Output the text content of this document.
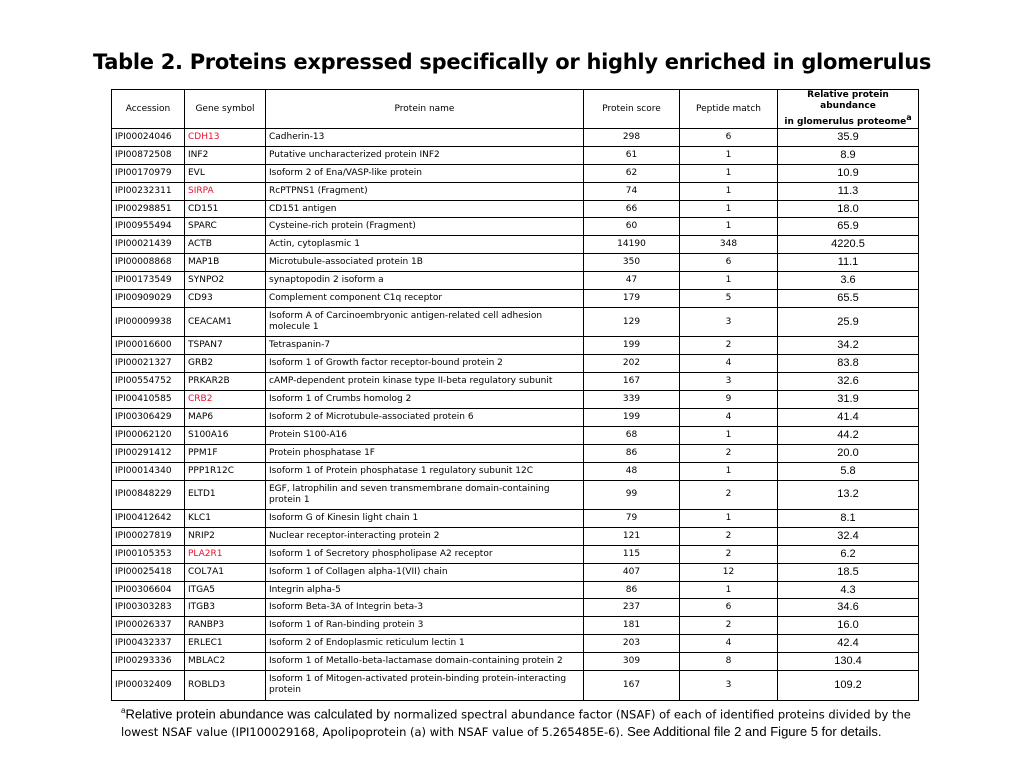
Table 2. Proteins expressed specifically or highly enriched in glomerulus
Accession	Gene symbol	Protein name	Protein score	Peptide match	Relative protein abundance
in glomerulus proteome$^a$
IPI00024046	CDH13	Cadherin-13	298	6	35.9
IPI00872508	INF2	Putative uncharacterized protein INF2	61	1	8.9
IPI00170979	EVL	Isoform 2 of Ena/VASP-like protein	62	1	10.9
IPI00232311	SIRPA	RcPTPNS1 (Fragment)	74	1	11.3
IPI00298851	CD151	CD151 antigen	66	1	18.0
IPI00955494	SPARC	Cysteine-rich protein (Fragment)	60	1	65.9
IPI00021439	ACTB	Actin, cytoplasmic 1	14190	348	4220.5
IPI00008868	MAP1B	Microtubule-associated protein 1B	350	6	11.1
IPI00173549	SYNPO2	synaptopodin 2 isoform a	47	1	3.6
IPI00909029	CD93	Complement component C1q receptor	179	5	65.5
IPI00009938	CEACAM1	Isoform A of Carcinoembryonic antigen-related cell adhesion molecule 1	129	3	25.9
IPI00016600	TSPAN7	Tetraspanin-7	199	2	34.2
IPI00021327	GRB2	Isoform 1 of Growth factor receptor-bound protein 2	202	4	83.8
IPI00554752	PRKAR2B	cAMP-dependent protein kinase type II-beta regulatory subunit	167	3	32.6
IPI00410585	CRB2	Isoform 1 of Crumbs homolog 2	339	9	31.9
IPI00306429	MAP6	Isoform 2 of Microtubule-associated protein 6	199	4	41.4
IPI00062120	S100A16	Protein S100-A16	68	1	44.2
IPI00291412	PPM1F	Protein phosphatase 1F	86	2	20.0
IPI00014340	PPP1R12C	Isoform 1 of Protein phosphatase 1 regulatory subunit 12C	48	1	5.8
IPI00848229	ELTD1	EGF, latrophilin and seven transmembrane domain-containing protein 1	99	2	13.2
IPI00412642	KLC1	Isoform G of Kinesin light chain 1	79	1	8.1
IPI00027819	NRIP2	Nuclear receptor-interacting protein 2	121	2	32.4
IPI00105353	PLA2R1	Isoform 1 of Secretory phospholipase A2 receptor	115	2	6.2
IPI00025418	COL7A1	Isoform 1 of Collagen alpha-1(VII) chain	407	12	18.5
IPI00306604	ITGA5	Integrin alpha-5	86	1	4.3
IPI00303283	ITGB3	Isoform Beta-3A of Integrin beta-3	237	6	34.6
IPI00026337	RANBP3	Isoform 1 of Ran-binding protein 3	181	2	16.0
IPI00432337	ERLEC1	Isoform 2 of Endoplasmic reticulum lectin 1	203	4	42.4
IPI00293336	MBLAC2	Isoform 1 of Metallo-beta-lactamase domain-containing protein 2	309	8	130.4
IPI00032409	ROBLD3	Isoform 1 of Mitogen-activated protein-binding protein-interacting protein	167	3	109.2

$^a$Relative protein abundance was calculated by normalized spectral abundance factor (NSAF) of each of identified proteins divided by the lowest NSAF value (IPI100029168, Apolipoprotein (a) with NSAF value of 5.265485E-6). See Additional file 2 and Figure 5 for details.
